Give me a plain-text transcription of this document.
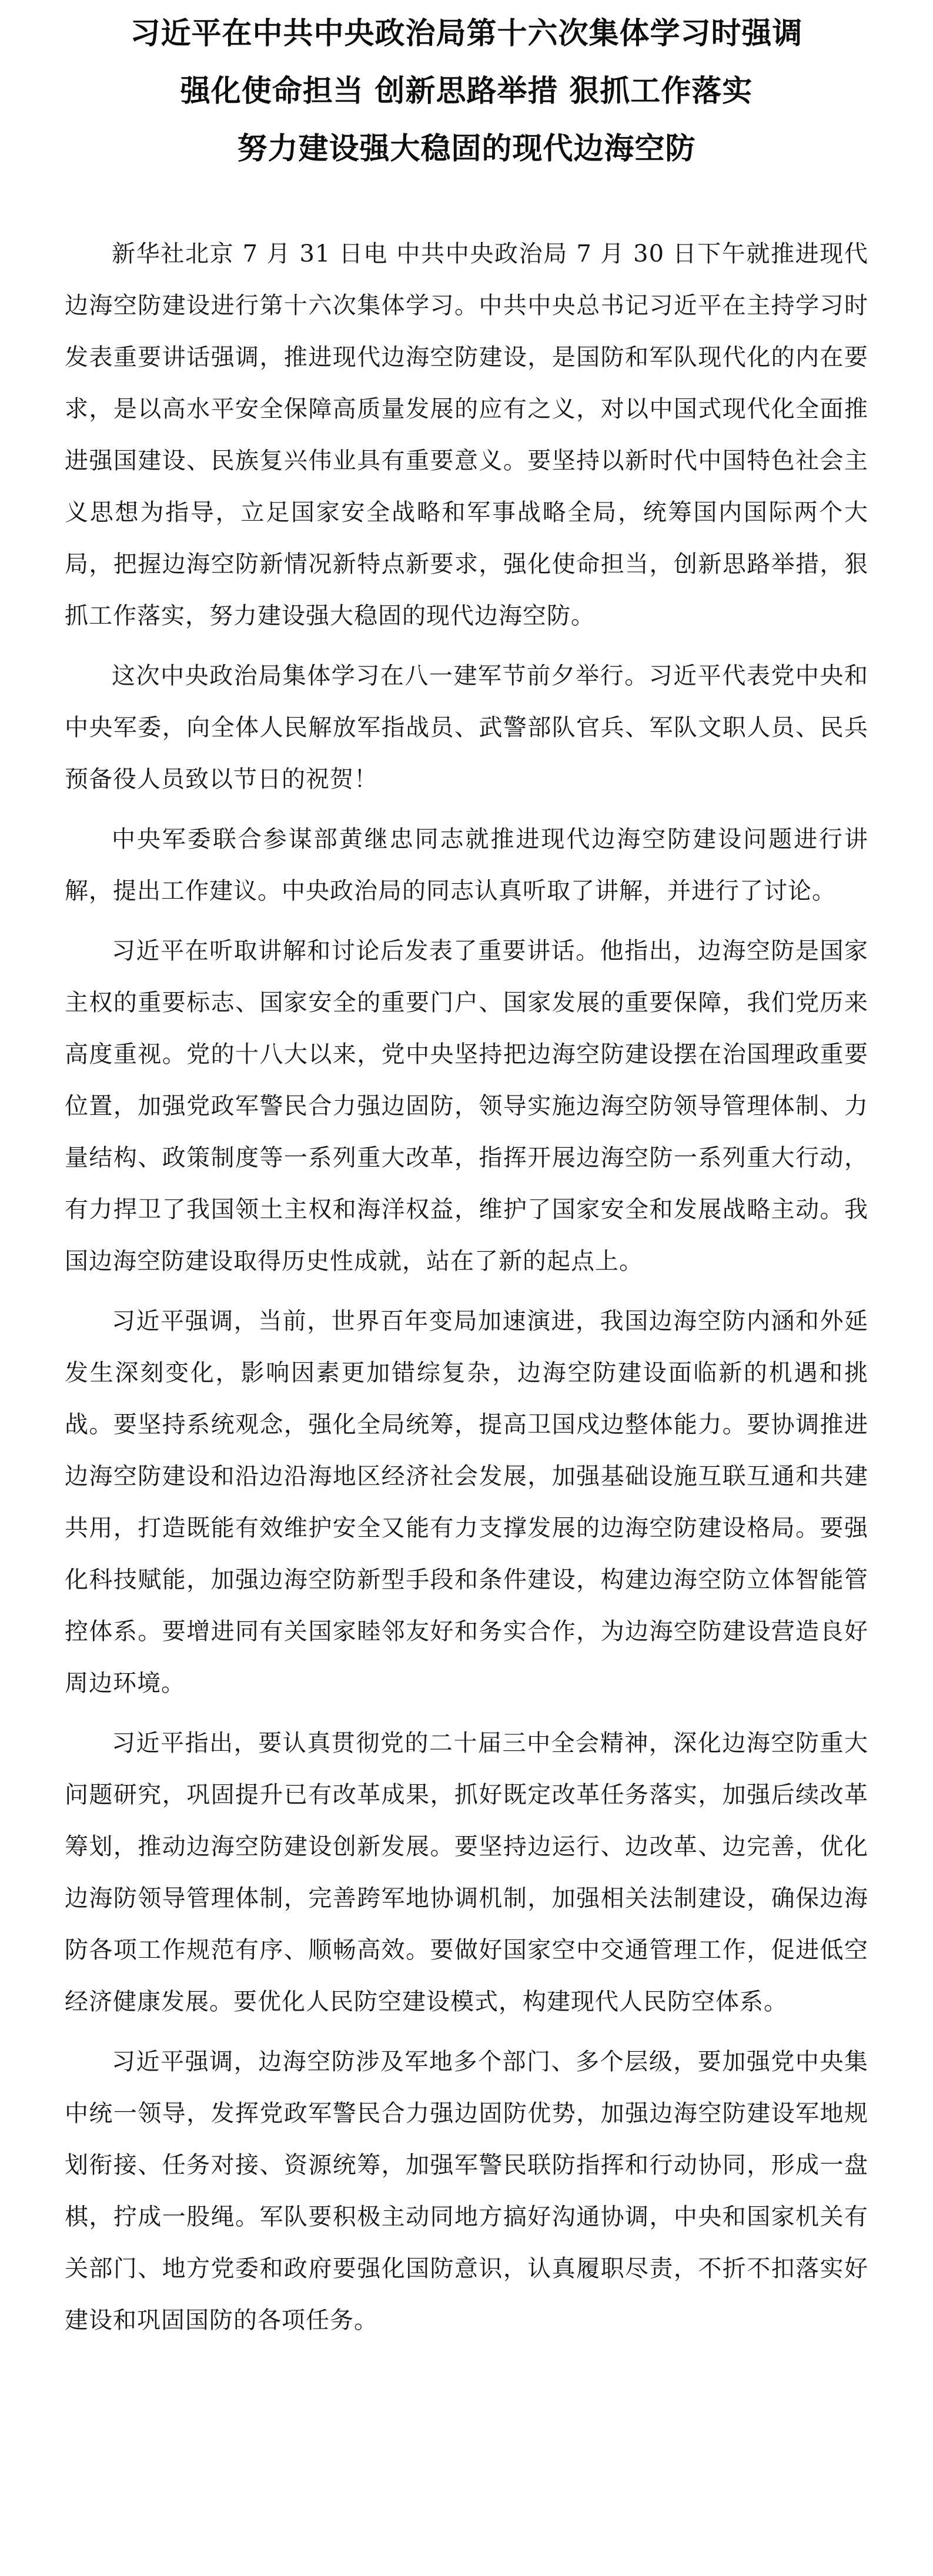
习近平在中共中央政治局第十六次集体学习时强调
强化使命担当 创新思路举措 狠抓工作落实
努力建设强大稳固的现代边海空防

新华社北京 7 月 31 日电 中共中央政治局 7 月 30 日下午就推进现代边海空防建设进行第十六次集体学习。中共中央总书记习近平在主持学习时发表重要讲话强调，推进现代边海空防建设，是国防和军队现代化的内在要求，是以高水平安全保障高质量发展的应有之义，对以中国式现代化全面推进强国建设、民族复兴伟业具有重要意义。要坚持以新时代中国特色社会主义思想为指导，立足国家安全战略和军事战略全局，统筹国内国际两个大局，把握边海空防新情况新特点新要求，强化使命担当，创新思路举措，狠抓工作落实，努力建设强大稳固的现代边海空防。

这次中央政治局集体学习在八一建军节前夕举行。习近平代表党中央和中央军委，向全体人民解放军指战员、武警部队官兵、军队文职人员、民兵预备役人员致以节日的祝贺！

中央军委联合参谋部黄继忠同志就推进现代边海空防建设问题进行讲解，提出工作建议。中央政治局的同志认真听取了讲解，并进行了讨论。

习近平在听取讲解和讨论后发表了重要讲话。他指出，边海空防是国家主权的重要标志、国家安全的重要门户、国家发展的重要保障，我们党历来高度重视。党的十八大以来，党中央坚持把边海空防建设摆在治国理政重要位置，加强党政军警民合力强边固防，领导实施边海空防领导管理体制、力量结构、政策制度等一系列重大改革，指挥开展边海空防一系列重大行动，有力捍卫了我国领土主权和海洋权益，维护了国家安全和发展战略主动。我国边海空防建设取得历史性成就，站在了新的起点上。

习近平强调，当前，世界百年变局加速演进，我国边海空防内涵和外延发生深刻变化，影响因素更加错综复杂，边海空防建设面临新的机遇和挑战。要坚持系统观念，强化全局统筹，提高卫国戍边整体能力。要协调推进边海空防建设和沿边沿海地区经济社会发展，加强基础设施互联互通和共建共用，打造既能有效维护安全又能有力支撑发展的边海空防建设格局。要强化科技赋能，加强边海空防新型手段和条件建设，构建边海空防立体智能管控体系。要增进同有关国家睦邻友好和务实合作，为边海空防建设营造良好周边环境。

习近平指出，要认真贯彻党的二十届三中全会精神，深化边海空防重大问题研究，巩固提升已有改革成果，抓好既定改革任务落实，加强后续改革筹划，推动边海空防建设创新发展。要坚持边运行、边改革、边完善，优化边海防领导管理体制，完善跨军地协调机制，加强相关法制建设，确保边海防各项工作规范有序、顺畅高效。要做好国家空中交通管理工作，促进低空经济健康发展。要优化人民防空建设模式，构建现代人民防空体系。

习近平强调，边海空防涉及军地多个部门、多个层级，要加强党中央集中统一领导，发挥党政军警民合力强边固防优势，加强边海空防建设军地规划衔接、任务对接、资源统筹，加强军警民联防指挥和行动协同，形成一盘棋，拧成一股绳。军队要积极主动同地方搞好沟通协调，中央和国家机关有关部门、地方党委和政府要强化国防意识，认真履职尽责，不折不扣落实好建设和巩固国防的各项任务。
